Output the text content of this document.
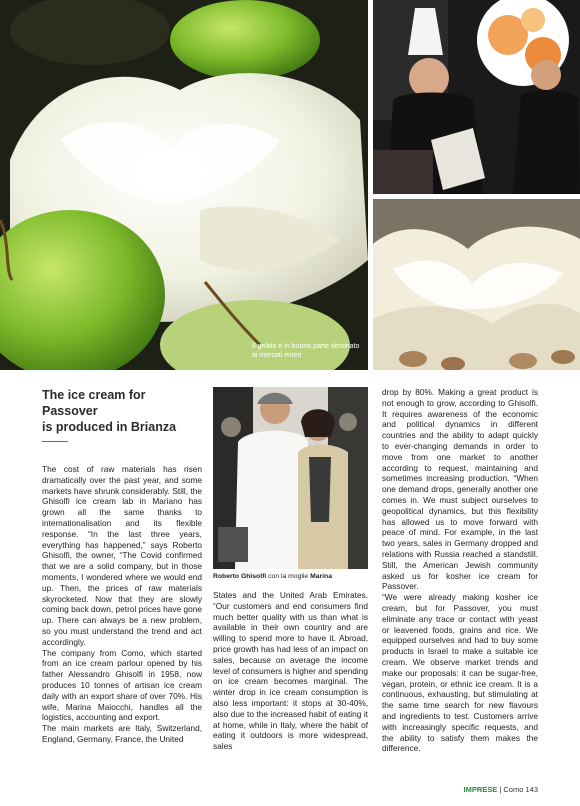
Il gelato è in buona parte destinato ai mercati esteri
The ice cream for
Passover
is produced in Brianza

The cost of raw materials has risen dramatically over the past year, and some markets have shrunk considerably. Still, the Ghisolfi ice cream lab in Mariano has grown all the same thanks to internationalisation and its flexible response. “In the last three years, everything has happened,” says Roberto Ghisolfi, the owner, “The Covid confirmed that we are a solid company, but in those moments, I wondered where we would end up. Then, the prices of raw materials skyrocketed. Now that they are slowly coming back down, petrol prices have gone up. There can always be a new problem, so you must understand the trend and act accordingly.

The company from Como, which started from an ice cream parlour opened by his father Alessandro Ghisolfi in 1958, now produces 10 tonnes of artisan ice cream daily with an export share of over 70%. His wife, Marina Maiocchi, handles all the logistics, accounting and export.

The main markets are Italy, Switzerland, England, Germany, France, the United

Roberto Ghisolfi con la moglie Marina

States and the United Arab Emirates. “Our customers and end consumers find much better quality with us than what is available in their own country and are willing to spend more to have it. Abroad, price growth has had less of an impact on sales, because on average the income level of consumers is higher and spending on ice cream becomes marginal. The winter drop in ice cream consumption is also less important: it stops at 30-40%, also due to the increased habit of eating it at home, while in Italy, where the habit of eating it outdoors is more widespread, sales

drop by 80%. Making a great product is not enough to grow, according to Ghisolfi. It requires awareness of the economic and political dynamics in different countries and the ability to adapt quickly to ever-changing demands in order to move from one market to another according to request, maintaining and sometimes increasing production. “When one demand drops, generally another one comes in. We must subject ourselves to geopolitical dynamics, but this flexibility has allowed us to move forward with peace of mind. For example, in the last two years, sales in Germany dropped and relations with Russia reached a standstill. Still, the American Jewish community asked us for kosher ice cream for Passover.

“We were already making kosher ice cream, but for Passover, you must eliminate any trace or contact with yeast or leavened foods, grains and rice. We equipped ourselves and had to buy some products in Israel to make a suitable ice cream. We observe market trends and make our proposals: it can be sugar-free, vegan, protein, or ethnic ice cream. It is a continuous, exhausting, but stimulating at the same time search for new flavours and ingredients to test. Customers arrive with increasingly specific requests, and the ability to satisfy them makes the difference.

IMPRESE | Como 143
